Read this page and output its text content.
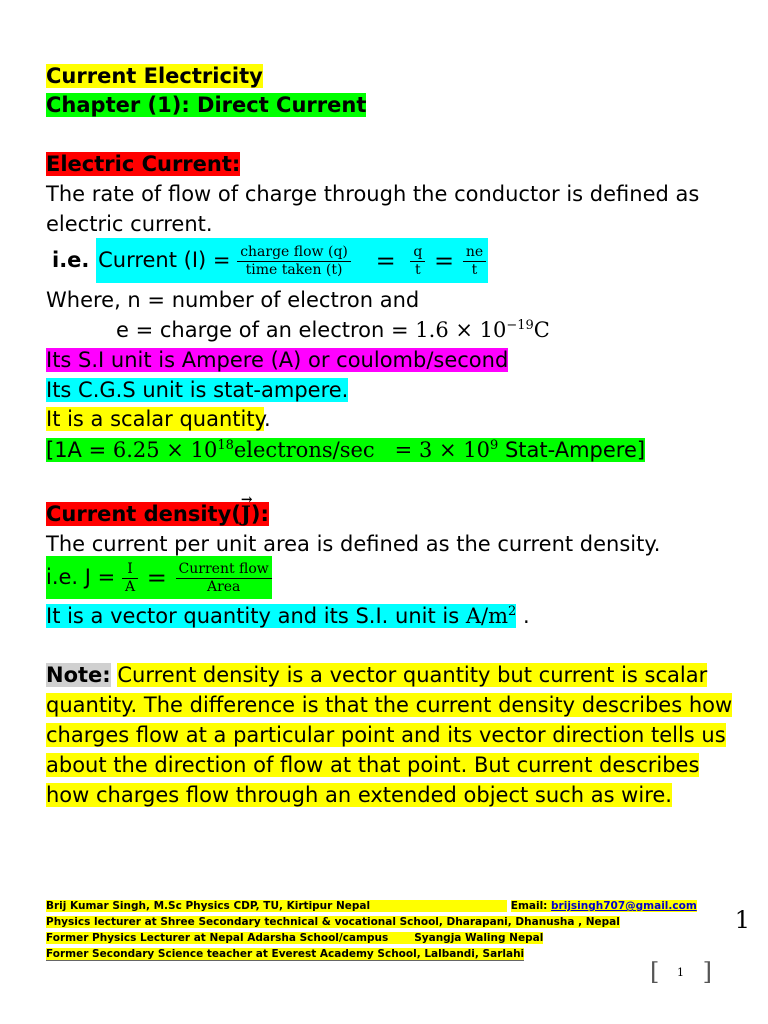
Current Electricity
Chapter (1): Direct Current
Electric Current:
The rate of flow of charge through the conductor is defined as
electric current.
i.e. Current $(I) = \frac{\text{charge flow (q)}}{\text{time taken (t)}} = \frac{q}{t} = \frac{ne}{t}$
Where, n = number of electron and
e = charge of an electron = $1.6 \times 10^{-19}C$
Its S.I unit is Ampere (A) or coulomb/second
Its C.G.S unit is stat-ampere.
It is a scalar quantity.
[$1A = 6.25 \times 10^{18}electrons/\sec = 3 \times 10^9$ Stat-Ampere]
Current density(→ J):
The current per unit area is defined as the current density.
i.e. $J = \frac{I}{A} = \frac{\text{Current flow}}{\text{Area}}$
It is a vector quantity and its S.I. unit is $A/m^2$ .
Note: Current density is a vector quantity but current is scalar quantity. The difference is that the current density describes how charges flow at a particular point and its vector direction tells us about the direction of flow at that point. But current describes how charges flow through an extended object such as wire.
Brij Kumar Singh, M.Sc Physics CDP, TU, Kirtipur Nepal	Email: brijsingh707@gmail.com
Physics lecturer at Shree Secondary technical & vocational School, Dharapani, Dhanusha , Nepal
Former Physics Lecturer at Nepal Adarsha School/campus Syangja Waling Nepal
Former Secondary Science teacher at Everest Academy School, Lalbandi, Sarlahi
1
[ 1 ]
